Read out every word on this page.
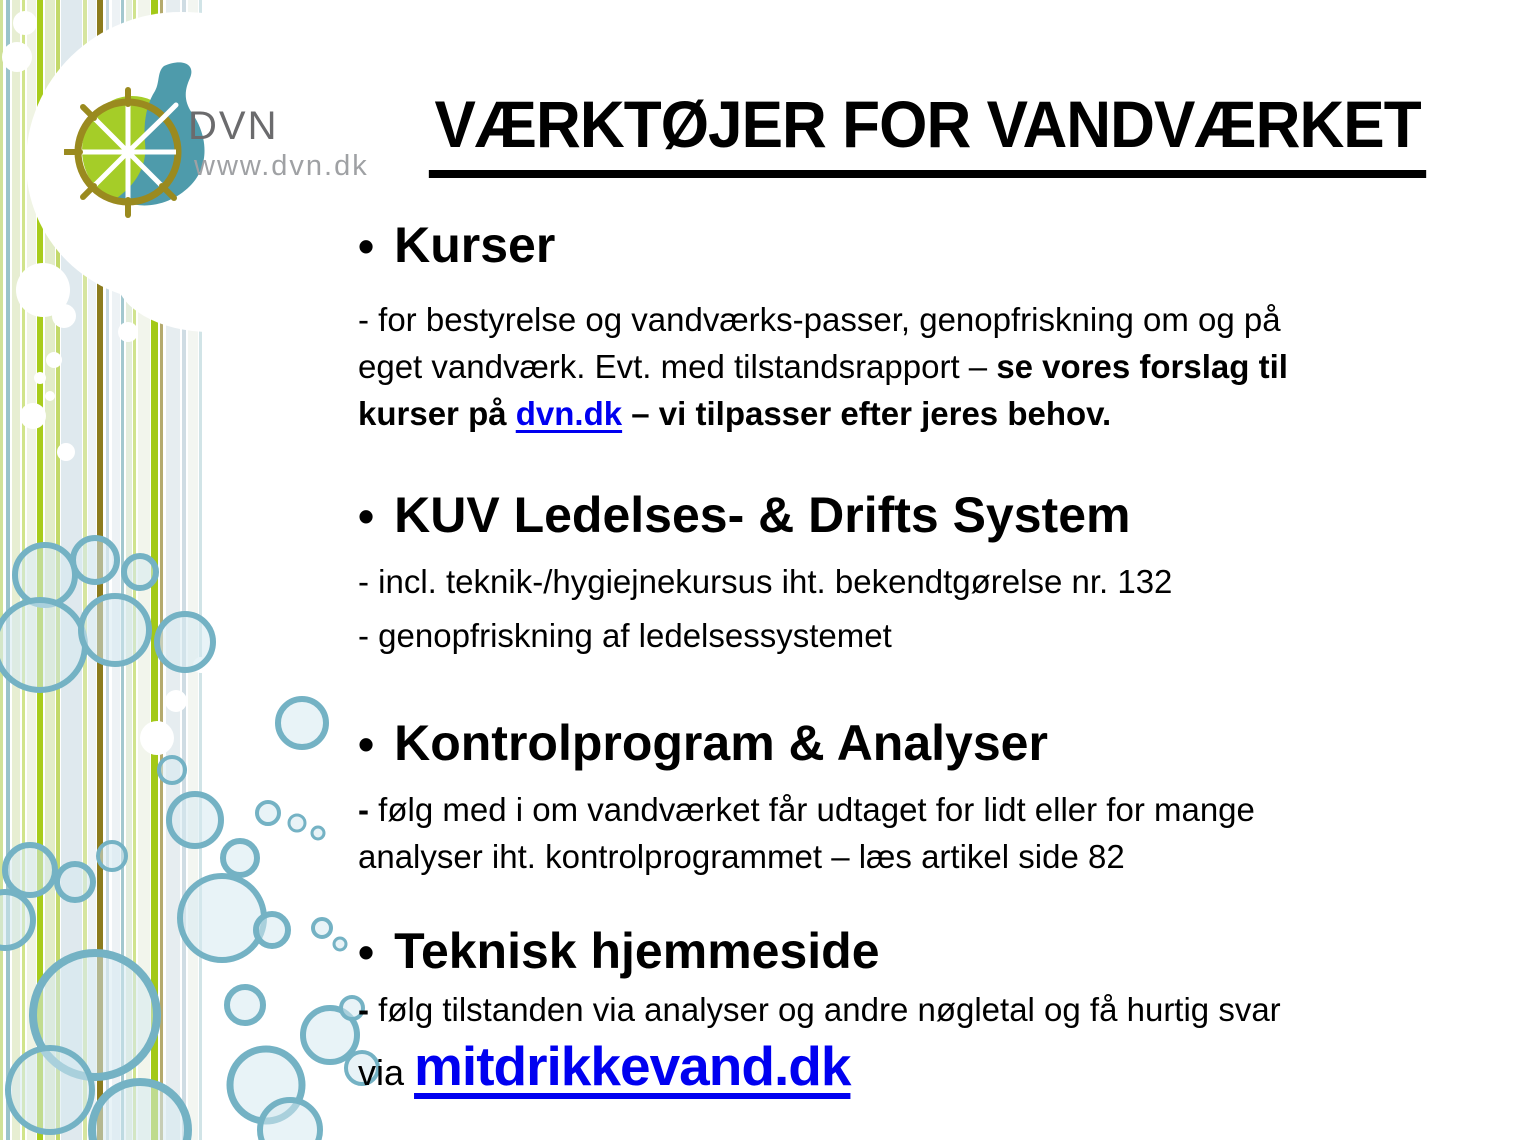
DVN
www.dvn.dk
VÆRKTØJER FOR VANDVÆRKET
• Kurser
- for bestyrelse og vandværks-passer, genopfriskning om og på
eget vandværk. Evt. med tilstandsrapport – se vores forslag til
kurser på dvn.dk – vi tilpasser efter jeres behov.
• KUV Ledelses- & Drifts System
- incl. teknik-/hygiejnekursus iht. bekendtgørelse nr. 132
- genopfriskning af ledelsessystemet
• Kontrolprogram & Analyser
- følg med i om vandværket får udtaget for lidt eller for mange
analyser iht. kontrolprogrammet – læs artikel side 82
• Teknisk hjemmeside
- følg tilstanden via analyser og andre nøgletal og få hurtig svar
via mitdrikkevand.dk
